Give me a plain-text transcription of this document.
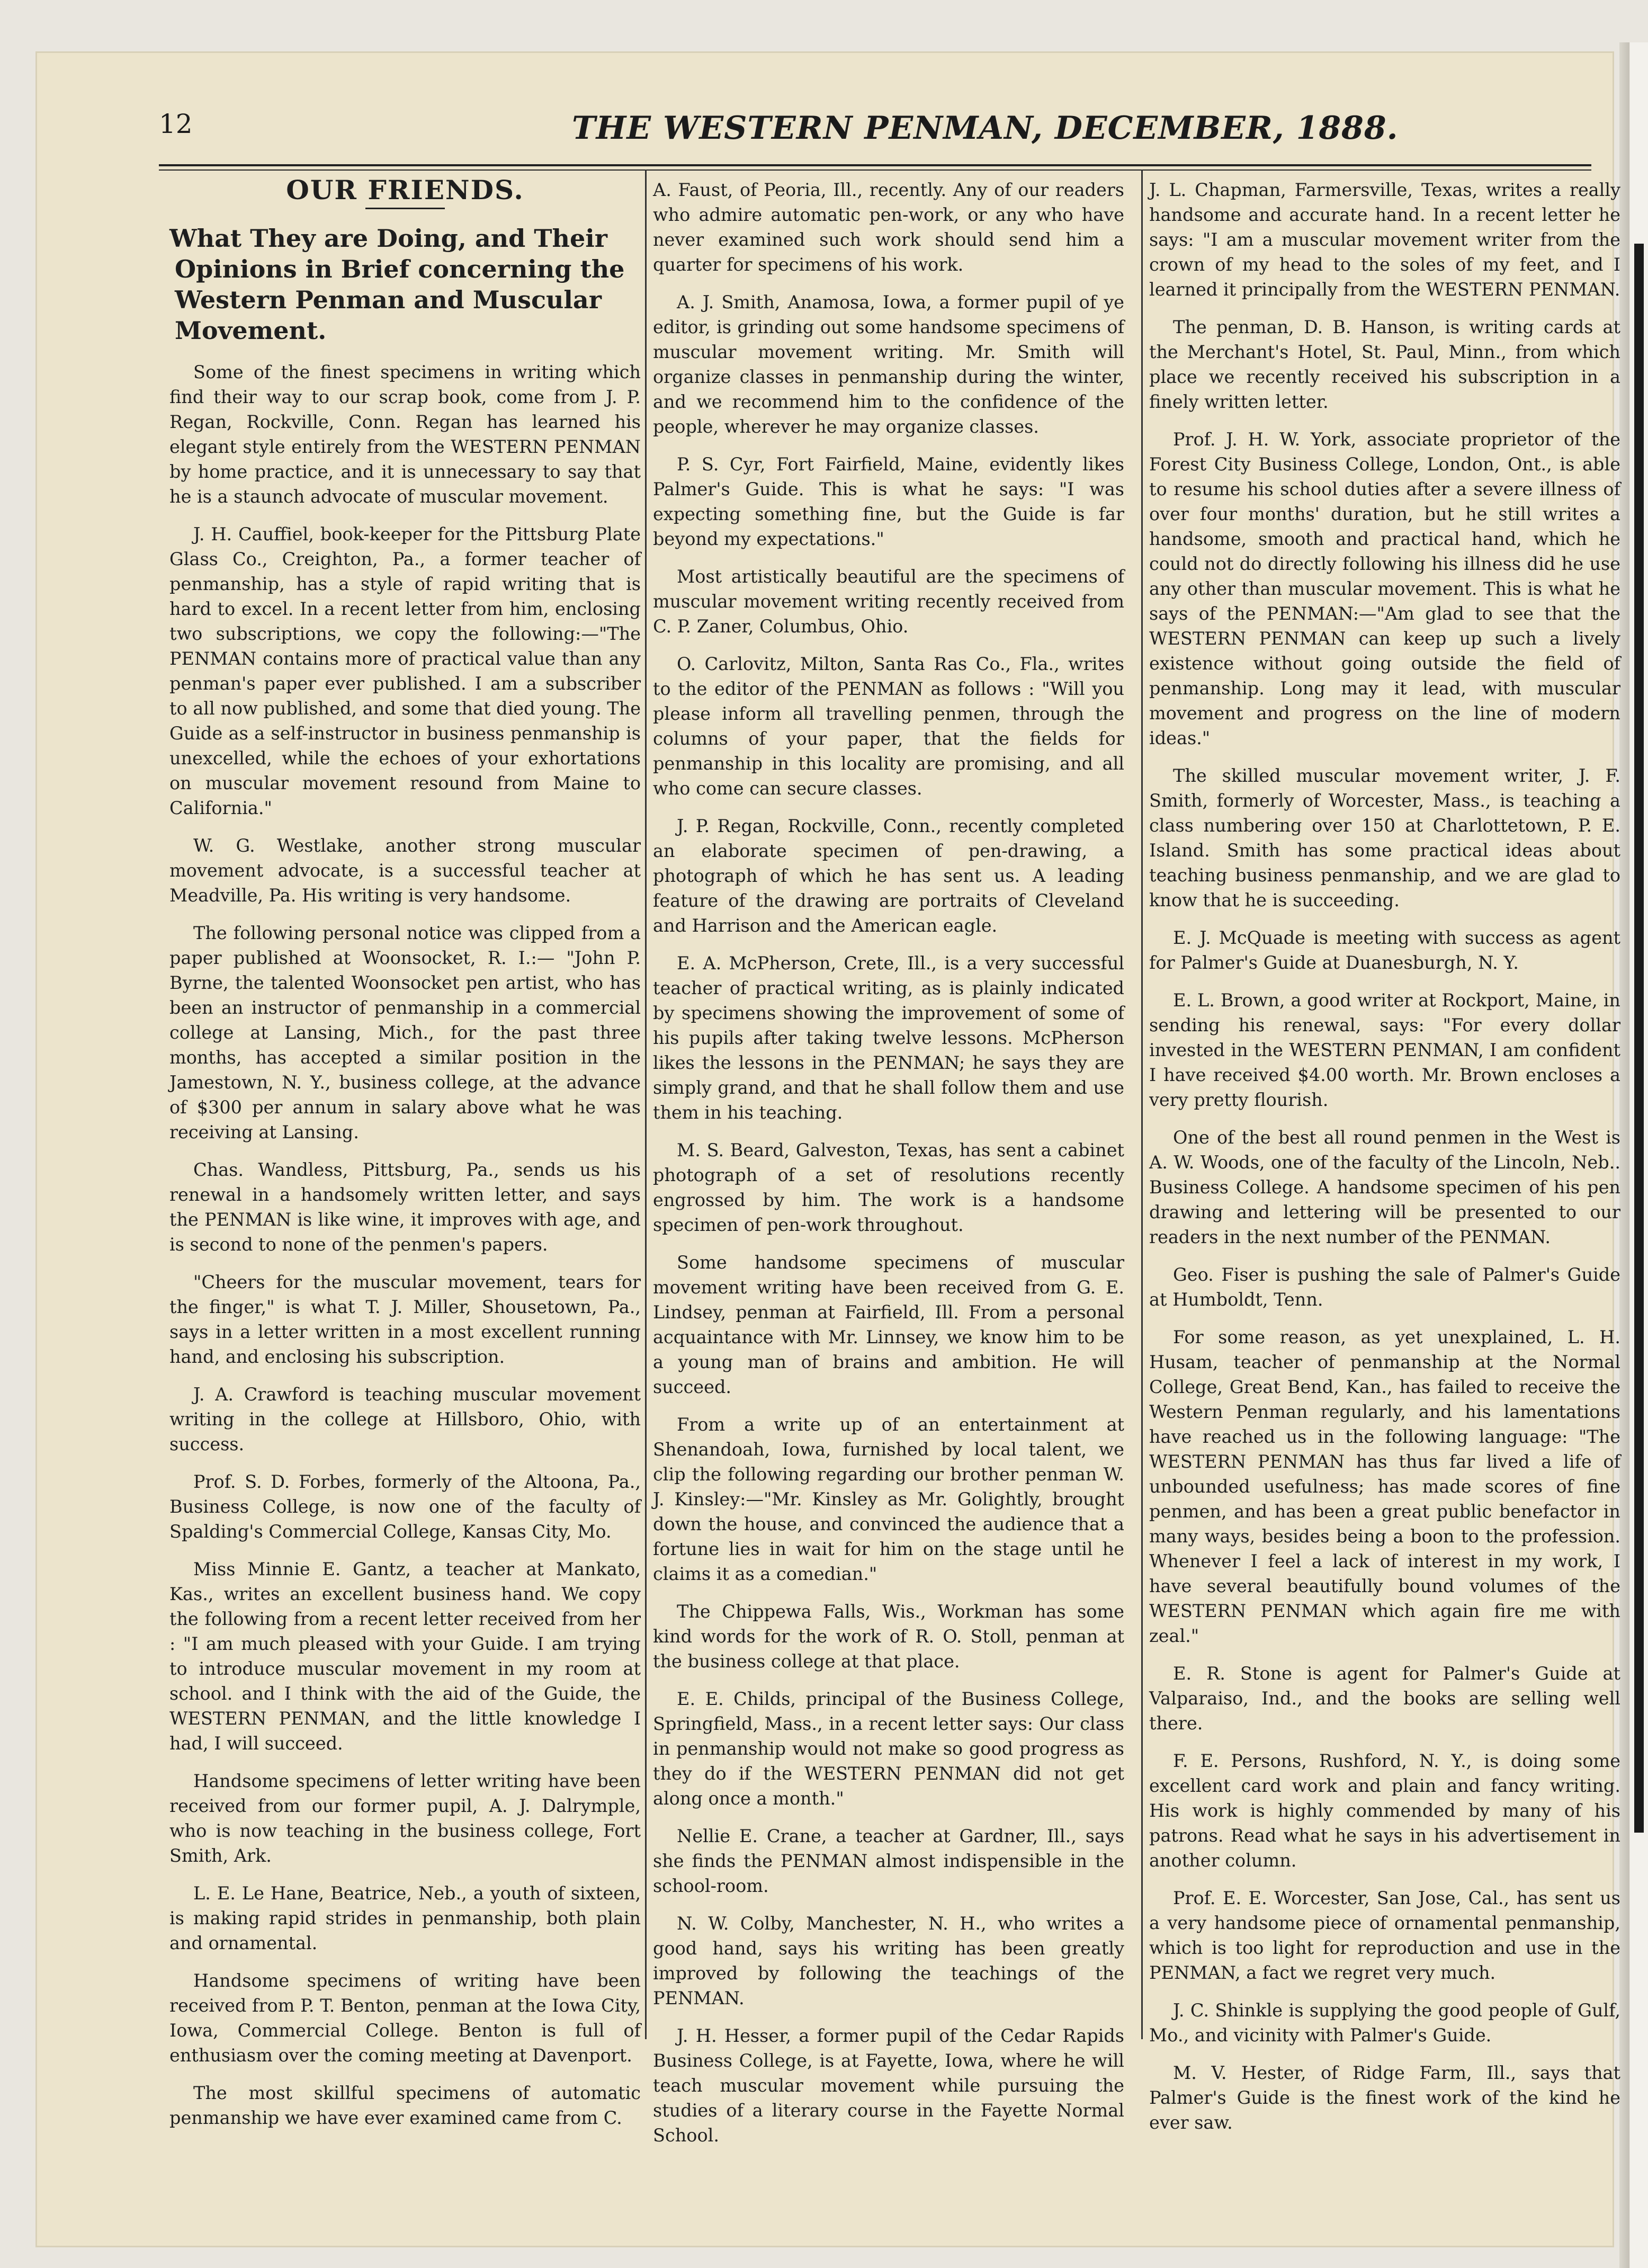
12	THE WESTERN PENMAN, DECEMBER, 1888.
OUR FRIENDS.
What They are Doing, and Their Opinions in Brief concerning the Western Penman and Muscular Movement.

Some of the finest specimens in writing which find their way to our scrap book, come from J. P. Regan, Rockville, Conn. Regan has learned his elegant style entirely from the WESTERN PENMAN by home practice, and it is unnecessary to say that he is a staunch advocate of muscular movement.

J. H. Cauffiel, book-keeper for the Pittsburg Plate Glass Co., Creighton, Pa., a former teacher of penmanship, has a style of rapid writing that is hard to excel. In a recent letter from him, enclosing two subscriptions, we copy the following:—"The PENMAN contains more of practical value than any penman's paper ever published. I am a subscriber to all now published, and some that died young. The Guide as a self-instructor in business penmanship is unexcelled, while the echoes of your exhortations on muscular movement resound from Maine to California."

W. G. Westlake, another strong muscular movement advocate, is a successful teacher at Meadville, Pa. His writing is very handsome.

The following personal notice was clipped from a paper published at Woonsocket, R. I.:— "John P. Byrne, the talented Woonsocket pen artist, who has been an instructor of penmanship in a commercial college at Lansing, Mich., for the past three months, has accepted a similar position in the Jamestown, N. Y., business college, at the advance of $300 per annum in salary above what he was receiving at Lansing.

Chas. Wandless, Pittsburg, Pa., sends us his renewal in a handsomely written letter, and says the PENMAN is like wine, it improves with age, and is second to none of the penmen's papers.

"Cheers for the muscular movement, tears for the finger," is what T. J. Miller, Shousetown, Pa., says in a letter written in a most excellent running hand, and enclosing his subscription.

J. A. Crawford is teaching muscular movement writing in the college at Hillsboro, Ohio, with success.

Prof. S. D. Forbes, formerly of the Altoona, Pa., Business College, is now one of the faculty of Spalding's Commercial College, Kansas City, Mo.

Miss Minnie E. Gantz, a teacher at Mankato, Kas., writes an excellent business hand. We copy the following from a recent letter received from her : "I am much pleased with your Guide. I am trying to introduce muscular movement in my room at school. and I think with the aid of the Guide, the WESTERN PENMAN, and the little knowledge I had, I will succeed.

Handsome specimens of letter writing have been received from our former pupil, A. J. Dalrymple, who is now teaching in the business college, Fort Smith, Ark.

L. E. Le Hane, Beatrice, Neb., a youth of sixteen, is making rapid strides in penmanship, both plain and ornamental.

Handsome specimens of writing have been received from P. T. Benton, penman at the Iowa City, Iowa, Commercial College. Benton is full of enthusiasm over the coming meeting at Davenport.

The most skillful specimens of automatic penmanship we have ever examined came from C.

A. Faust, of Peoria, Ill., recently. Any of our readers who admire automatic pen-work, or any who have never examined such work should send him a quarter for specimens of his work.

A. J. Smith, Anamosa, Iowa, a former pupil of ye editor, is grinding out some handsome specimens of muscular movement writing. Mr. Smith will organize classes in penmanship during the winter, and we recommend him to the confidence of the people, wherever he may organize classes.

P. S. Cyr, Fort Fairfield, Maine, evidently likes Palmer's Guide. This is what he says: "I was expecting something fine, but the Guide is far beyond my expectations."

Most artistically beautiful are the specimens of muscular movement writing recently received from C. P. Zaner, Columbus, Ohio.

O. Carlovitz, Milton, Santa Ras Co., Fla., writes to the editor of the PENMAN as follows : "Will you please inform all travelling penmen, through the columns of your paper, that the fields for penmanship in this locality are promising, and all who come can secure classes.

J. P. Regan, Rockville, Conn., recently completed an elaborate specimen of pen-drawing, a photograph of which he has sent us. A leading feature of the drawing are portraits of Cleveland and Harrison and the American eagle.

E. A. McPherson, Crete, Ill., is a very successful teacher of practical writing, as is plainly indicated by specimens showing the improvement of some of his pupils after taking twelve lessons. McPherson likes the lessons in the PENMAN; he says they are simply grand, and that he shall follow them and use them in his teaching.

M. S. Beard, Galveston, Texas, has sent a cabinet photograph of a set of resolutions recently engrossed by him. The work is a handsome specimen of pen-work throughout.

Some handsome specimens of muscular movement writing have been received from G. E. Lindsey, penman at Fairfield, Ill. From a personal acquaintance with Mr. Linnsey, we know him to be a young man of brains and ambition. He will succeed.

From a write up of an entertainment at Shenandoah, Iowa, furnished by local talent, we clip the following regarding our brother penman W. J. Kinsley:—"Mr. Kinsley as Mr. Golightly, brought down the house, and convinced the audience that a fortune lies in wait for him on the stage until he claims it as a comedian."

The Chippewa Falls, Wis., Workman has some kind words for the work of R. O. Stoll, penman at the business college at that place.

E. E. Childs, principal of the Business College, Springfield, Mass., in a recent letter says: Our class in penmanship would not make so good progress as they do if the WESTERN PENMAN did not get along once a month."

Nellie E. Crane, a teacher at Gardner, Ill., says she finds the PENMAN almost indispensible in the school-room.

N. W. Colby, Manchester, N. H., who writes a good hand, says his writing has been greatly improved by following the teachings of the PENMAN.

J. H. Hesser, a former pupil of the Cedar Rapids Business College, is at Fayette, Iowa, where he will teach muscular movement while pursuing the studies of a literary course in the Fayette Normal School.

J. L. Chapman, Farmersville, Texas, writes a really handsome and accurate hand. In a recent letter he says: "I am a muscular movement writer from the crown of my head to the soles of my feet, and I learned it principally from the WESTERN PENMAN.

The penman, D. B. Hanson, is writing cards at the Merchant's Hotel, St. Paul, Minn., from which place we recently received his subscription in a finely written letter.

Prof. J. H. W. York, associate proprietor of the Forest City Business College, London, Ont., is able to resume his school duties after a severe illness of over four months' duration, but he still writes a handsome, smooth and practical hand, which he could not do directly following his illness did he use any other than muscular movement. This is what he says of the PENMAN:—"Am glad to see that the WESTERN PENMAN can keep up such a lively existence without going outside the field of penmanship. Long may it lead, with muscular movement and progress on the line of modern ideas."

The skilled muscular movement writer, J. F. Smith, formerly of Worcester, Mass., is teaching a class numbering over 150 at Charlottetown, P. E. Island. Smith has some practical ideas about teaching business penmanship, and we are glad to know that he is succeeding.

E. J. McQuade is meeting with success as agent for Palmer's Guide at Duanesburgh, N. Y.

E. L. Brown, a good writer at Rockport, Maine, in sending his renewal, says: "For every dollar invested in the WESTERN PENMAN, I am confident I have received $4.00 worth. Mr. Brown encloses a very pretty flourish.

One of the best all round penmen in the West is A. W. Woods, one of the faculty of the Lincoln, Neb.. Business College. A handsome specimen of his pen drawing and lettering will be presented to our readers in the next number of the PENMAN.

Geo. Fiser is pushing the sale of Palmer's Guide at Humboldt, Tenn.

For some reason, as yet unexplained, L. H. Husam, teacher of penmanship at the Normal College, Great Bend, Kan., has failed to receive the Western Penman regularly, and his lamentations have reached us in the following language: "The WESTERN PENMAN has thus far lived a life of unbounded usefulness; has made scores of fine penmen, and has been a great public benefactor in many ways, besides being a boon to the profession. Whenever I feel a lack of interest in my work, I have several beautifully bound volumes of the WESTERN PENMAN which again fire me with zeal."

E. R. Stone is agent for Palmer's Guide at Valparaiso, Ind., and the books are selling well there.

F. E. Persons, Rushford, N. Y., is doing some excellent card work and plain and fancy writing. His work is highly commended by many of his patrons. Read what he says in his advertisement in another column.

Prof. E. E. Worcester, San Jose, Cal., has sent us a very handsome piece of ornamental penmanship, which is too light for reproduction and use in the PENMAN, a fact we regret very much.

J. C. Shinkle is supplying the good people of Gulf, Mo., and vicinity with Palmer's Guide.

M. V. Hester, of Ridge Farm, Ill., says that Palmer's Guide is the finest work of the kind he ever saw.
